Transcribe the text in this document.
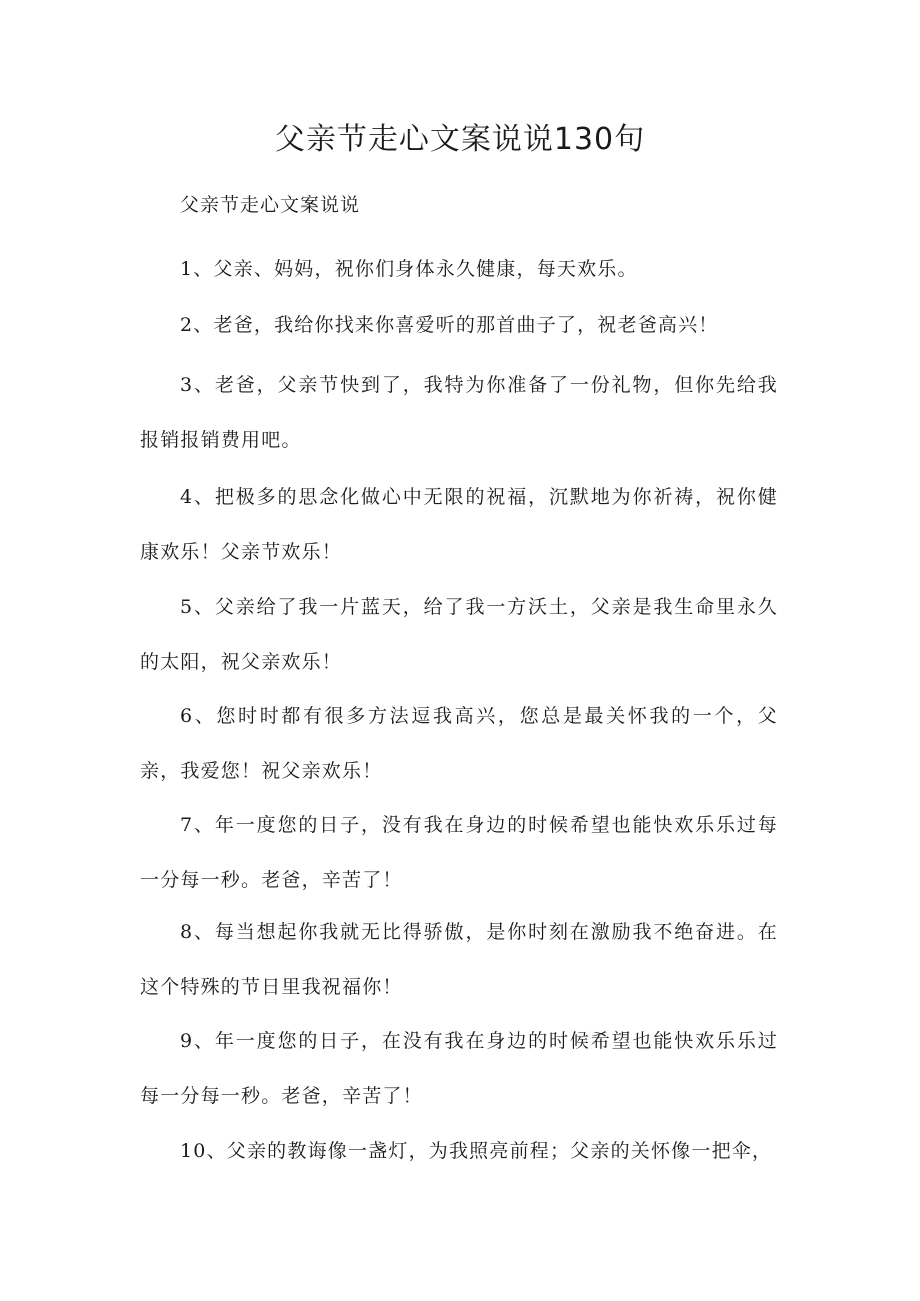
父亲节走心文案说说130句

父亲节走心文案说说

1、父亲、妈妈，祝你们身体永久健康，每天欢乐。

2、老爸，我给你找来你喜爱听的那首曲子了，祝老爸高兴！

3、老爸，父亲节快到了，我特为你准备了一份礼物，但你先给我报销报销费用吧。

4、把极多的思念化做心中无限的祝福，沉默地为你祈祷，祝你健康欢乐！父亲节欢乐！

5、父亲给了我一片蓝天，给了我一方沃土，父亲是我生命里永久的太阳，祝父亲欢乐！

6、您时时都有很多方法逗我高兴，您总是最关怀我的一个，父亲，我爱您！祝父亲欢乐！

7、年一度您的日子，没有我在身边的时候希望也能快欢乐乐过每一分每一秒。老爸，辛苦了！

8、每当想起你我就无比得骄傲，是你时刻在激励我不绝奋进。在这个特殊的节日里我祝福你！

9、年一度您的日子，在没有我在身边的时候希望也能快欢乐乐过每一分每一秒。老爸，辛苦了！

10、父亲的教诲像一盏灯，为我照亮前程；父亲的关怀像一把伞，
